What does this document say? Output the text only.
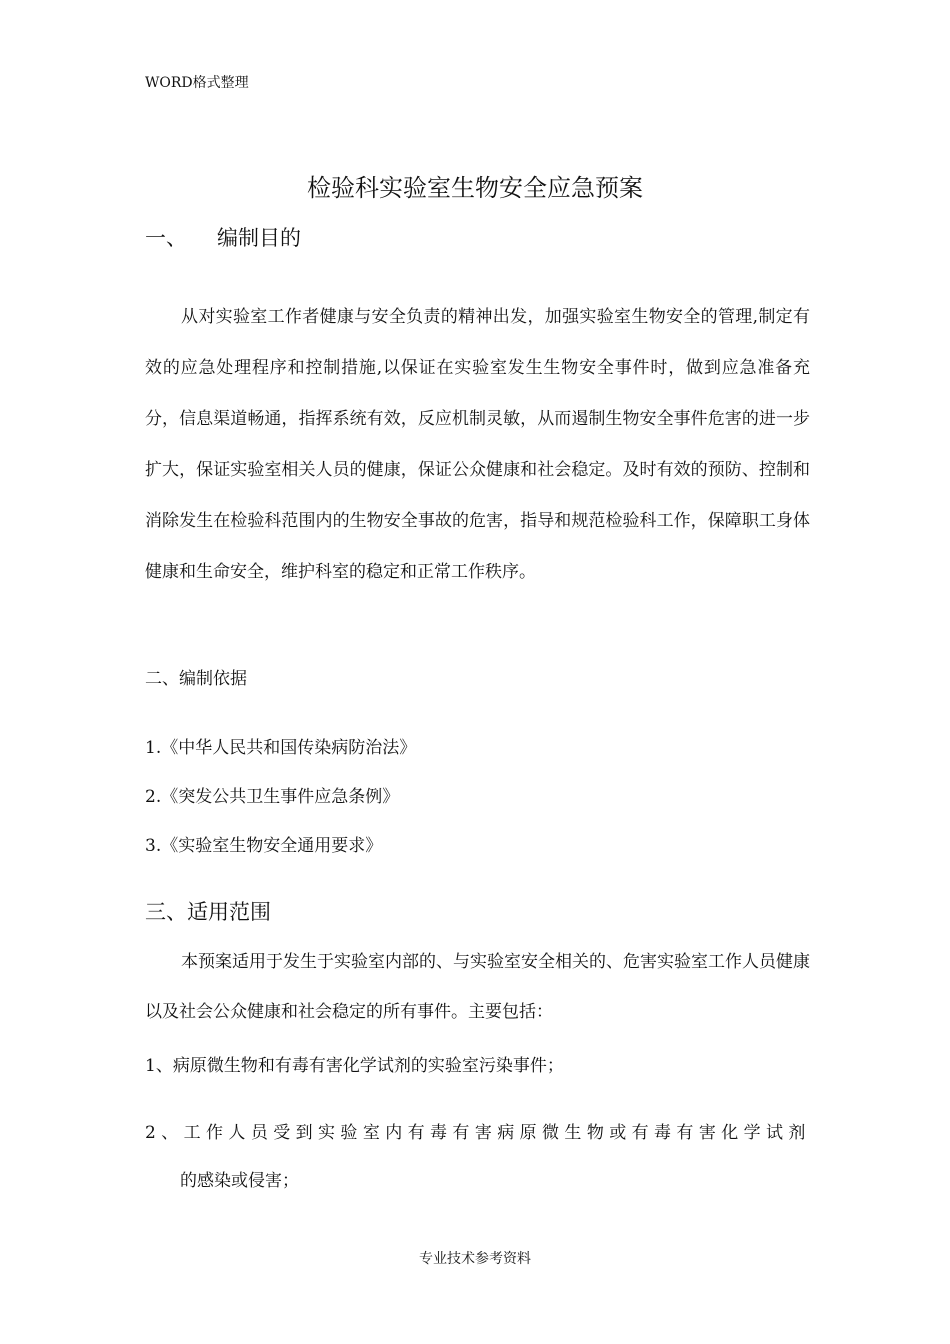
WORD格式整理
检验科实验室生物安全应急预案
一、 编制目的
从对实验室工作者健康与安全负责的精神出发，加强实验室生物安全的管理,制定有效的应急处理程序和控制措施,以保证在实验室发生生物安全事件时，做到应急准备充分，信息渠道畅通，指挥系统有效，反应机制灵敏，从而遏制生物安全事件危害的进一步扩大，保证实验室相关人员的健康，保证公众健康和社会稳定。及时有效的预防、控制和消除发生在检验科范围内的生物安全事故的危害，指导和规范检验科工作，保障职工身体健康和生命安全，维护科室的稳定和正常工作秩序。
二、编制依据
1.《中华人民共和国传染病防治法》
2.《突发公共卫生事件应急条例》
3.《实验室生物安全通用要求》
三、适用范围
本预案适用于发生于实验室内部的、与实验室安全相关的、危害实验室工作人员健康以及社会公众健康和社会稳定的所有事件。主要包括：
1、病原微生物和有毒有害化学试剂的实验室污染事件；
2、工作人员受到实验室内有毒有害病原微生物或有毒有害化学试剂
的感染或侵害；
专业技术参考资料
